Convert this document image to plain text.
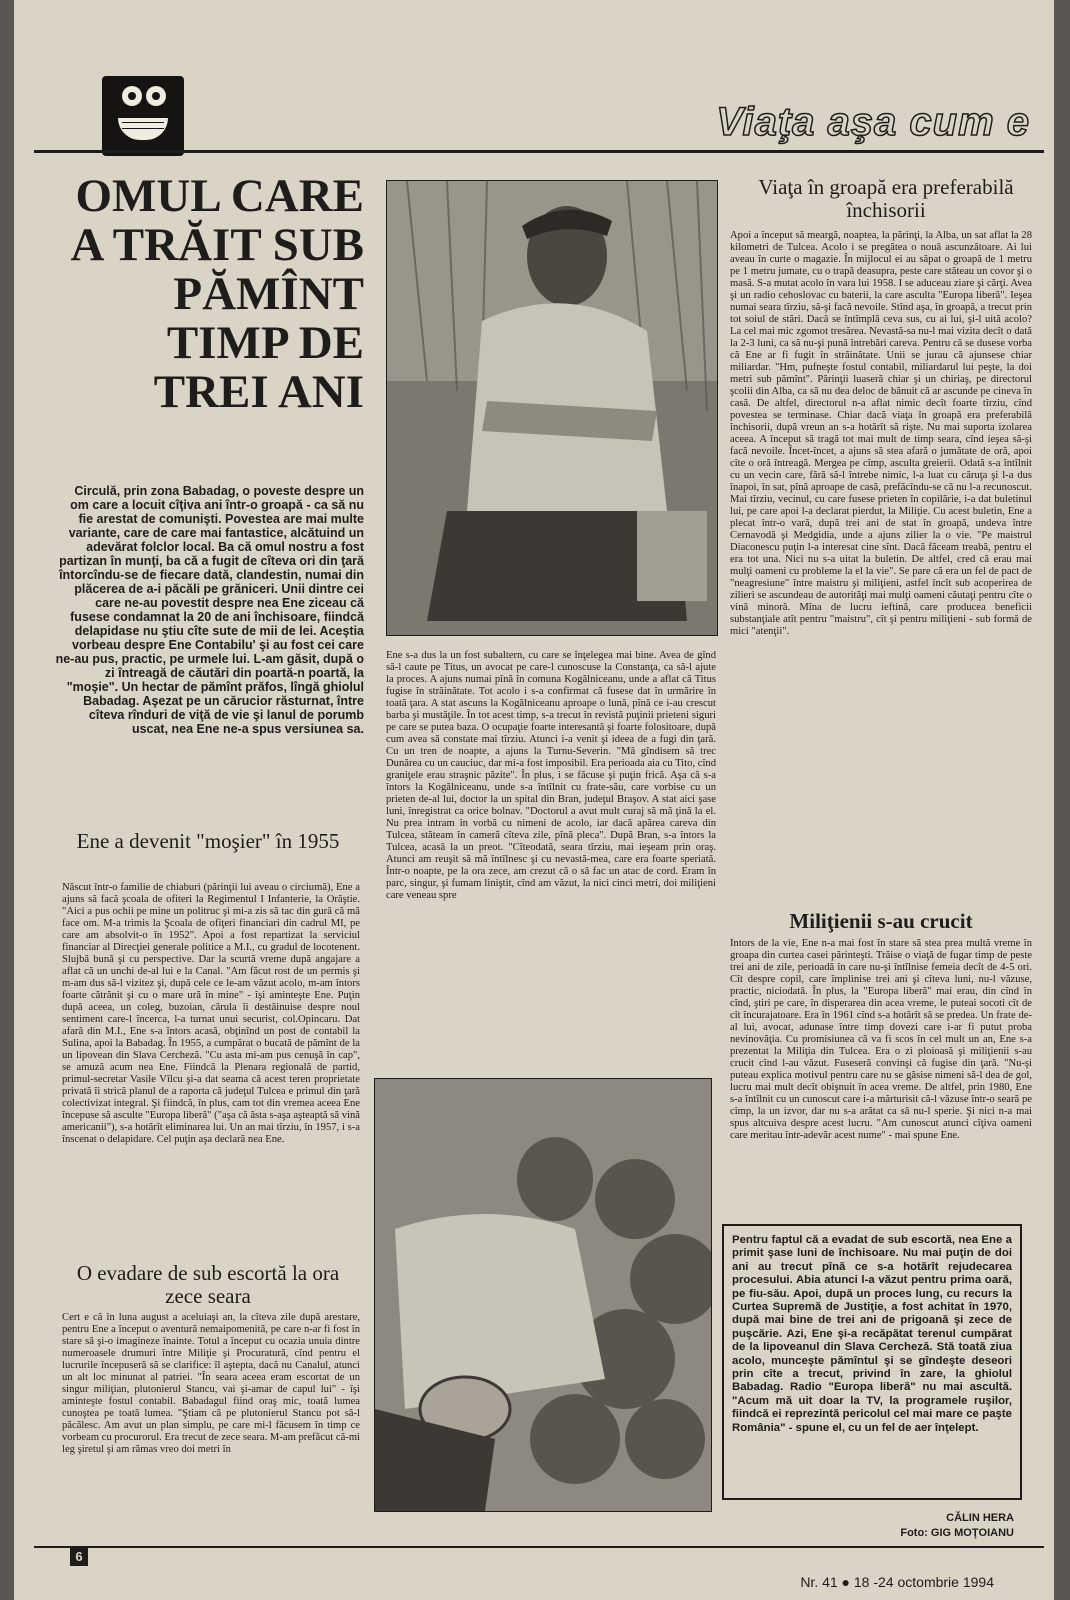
Viaţa aşa cum e
OMUL CARE A TRĂIT SUB PĂMÎNT TIMP DE TREI ANI

Circulă, prin zona Babadag, o poveste despre un om care a locuit cîţiva ani într-o groapă - ca să nu fie arestat de comunişti. Povestea are mai multe variante, care de care mai fantastice, alcătuind un adevărat folclor local. Ba că omul nostru a fost partizan în munţi, ba că a fugit de cîteva ori din ţară întorcîndu-se de fiecare dată, clandestin, numai din plăcerea de a-i păcăli pe grăniceri. Unii dintre cei care ne-au povestit despre nea Ene ziceau că fusese condamnat la 20 de ani închisoare, fiindcă delapidase nu ştiu cîte sute de mii de lei. Aceştia vorbeau despre Ene Contabilu' şi au fost cei care ne-au pus, practic, pe urmele lui. L-am găsit, după o zi întreagă de căutări din poartă-n poartă, la "moşie". Un hectar de pămînt prăfos, lîngă ghiolul Babadag. Aşezat pe un cărucior răsturnat, între cîteva rînduri de viţă de vie şi lanul de porumb uscat, nea Ene ne-a spus versiunea sa.

Ene a devenit "moşier" în 1955

Născut într-o familie de chiaburi (părinţii lui aveau o circiumă), Ene a ajuns să facă şcoala de ofiteri la Regimentul I Infanterie, la Orăştie. "Aici a pus ochii pe mine un politruc şi mi-a zis să tac din gură că mă face om. M-a trimis la Şcoala de ofiţeri financiari din cadrul MI, pe care am absolvit-o în 1952". Apoi a fost repartizat la serviciul financiar al Direcţiei generale politice a M.I., cu gradul de locotenent. Slujbă bună şi cu perspective. Dar la scurtă vreme după angajare a aflat că un unchi de-al lui e la Canal. "Am făcut rost de un permis şi m-am dus să-l vizitez şi, după cele ce le-am văzut acolo, m-am întors foarte cătrănit şi cu o mare ură în mine" - îşi aminteşte Ene. Puţin după aceea, un coleg, buzoian, cărula îi destăinuise despre noul sentiment care-l încerca, l-a turnat unui securist, col.Opincaru. Dat afară din M.I., Ene s-a întors acasă, obţinînd un post de contabil la Sulina, apoi la Babadag. În 1955, a cumpărat o bucată de pămînt de la un lipovean din Slava Cercheză. "Cu asta mi-am pus cenuşă în cap", se amuză acum nea Ene. Fiindcă la Plenara regională de partid, primul-secretar Vasile Vîlcu şi-a dat seama că acest teren proprietate privată îi strică planul de a raporta că judeţul Tulcea e primul din ţară colectivizat integral. Şi fiindcă, în plus, cam tot din vremea aceea Ene începuse să asculte "Europa liberă" ("aşa că ăsta s-aşa aşteaptă să vină americanii"), s-a hotărît eliminarea lui. Un an mai tîrziu, în 1957, i s-a înscenat o delapidare. Cel puţin aşa declară nea Ene.

O evadare de sub escortă la ora zece seara

Cert e că în luna august a aceluiaşi an, la cîteva zile după arestare, pentru Ene a început o aventură nemaipomenită, pe care n-ar fi fost în stare să şi-o imagineze înainte. Totul a început cu ocazia unuia dintre numeroasele drumuri între Miliţie şi Procuratură, cînd pentru el lucrurile începuseră să se clarifice: îl aştepta, dacă nu Canalul, atunci un alt loc minunat al patriei. "În seara aceea eram escortat de un singur miliţian, plutonierul Stancu, vai şi-amar de capul lui" - îşi aminteşte fostul contabil. Babadagul fiind oraş mic, toată lumea cunoştea pe toată lumea. "Ştiam că pe plutonierul Stancu pot să-l păcălesc. Am avut un plan simplu, pe care mi-l făcusem în timp ce vorbeam cu procurorul. Era trecut de zece seara. M-am prefăcut că-mi leg şiretul şi am rămas vreo doi metri în

Ene s-a dus la un fost subaltern, cu care se înţelegea mai bine. Avea de gînd să-l caute pe Titus, un avocat pe care-l cunoscuse la Constanţa, ca să-l ajute la proces. A ajuns numai pînă în comuna Kogălniceanu, unde a aflat că Titus fugise în străinătate. Tot acolo i s-a confirmat că fusese dat în urmărire în toată ţara. A stat ascuns la Kogălniceanu aproape o lună, pînă ce i-au crescut barba şi mustăţile. În tot acest timp, s-a trecut în revistă puţinii prieteni siguri pe care se putea baza. O ocupaţie foarte interesantă şi foarte folositoare, după cum avea să constate mai tîrziu. Atunci i-a venit şi ideea de a fugi din ţară. Cu un tren de noapte, a ajuns la Turnu-Severin. "Mă gîndisem să trec Dunărea cu un cauciuc, dar mi-a fost imposibil. Era perioada aia cu Tito, cînd graniţele erau straşnic păzite". În plus, i se făcuse şi puţin frică. Aşa că s-a întors la Kogălniceanu, unde s-a întîlnit cu frate-său, care vorbise cu un prieten de-al lui, doctor la un spital din Bran, judeţul Braşov. A stat aici şase luni, înregistrat ca orice bolnav. "Doctorul a avut mult curaj să mă ţină la el. Nu prea intram în vorbă cu nimeni de acolo, iar dacă apărea careva din Tulcea, stăteam în cameră cîteva zile, pînă pleca". După Bran, s-a întors la Tulcea, acasă la un preot. "Cîteodată, seara tîrziu, mai ieşeam prin oraş. Atunci am reuşit să mă întîlnesc şi cu nevastă-mea, care era foarte speriată. Într-o noapte, pe la ora zece, am crezut că o să fac un atac de cord. Eram în parc, singur, şi fumam liniştit, cînd am văzut, la nici cinci metri, doi miliţieni care veneau spre

Viaţa în groapă era preferabilă închisorii

Apoi a început să meargă, noaptea, la părinţi, la Alba, un sat aflat la 28 kilometri de Tulcea. Acolo i se pregătea o nouă ascunzătoare. Ai lui aveau în curte o magazie. În mijlocul ei au săpat o groapă de 1 metru pe 1 metru jumate, cu o trapă deasupra, peste care stăteau un covor şi o masă. S-a mutat acolo în vara lui 1958. I se aduceau ziare şi cărţi. Avea şi un radio cehoslovac cu baterii, la care asculta "Europa liberă". Ieşea numai seara tîrziu, să-şi facă nevoile. Stînd aşa, în groapă, a trecut prin tot soiul de stări. Dacă se întîmplă ceva sus, cu ai lui, şi-l uită acolo? La cel mai mic zgomot tresărea. Nevastă-sa nu-l mai vizita decît o dată la 2-3 luni, ca să nu-şi pună întrebări careva. Pentru că se dusese vorba că Ene ar fi fugit în străinătate. Unii se jurau că ajunsese chiar miliardar. "Hm, pufneşte fostul contabil, miliardarul lui peşte, la doi metri sub pămînt". Părinţii luaseră chiar şi un chiriaş, pe directorul şcolii din Alba, ca să nu dea deloc de bănuit că ar ascunde pe cineva în casă. De altfel, directorul n-a aflat nimic decît foarte tîrziu, cînd povestea se terminase. Chiar dacă viaţa în groapă era preferabilă închisorii, după vreun an s-a hotărît să rişte. Nu mai suporta izolarea aceea. A început să tragă tot mai mult de timp seara, cînd ieşea să-şi facă nevoile. Încet-încet, a ajuns să stea afară o jumătate de oră, apoi cîte o oră întreagă. Mergea pe cîmp, asculta greierii. Odată s-a întîlnit cu un vecin care, fără să-l întrebe nimic, l-a luat cu căruţa şi l-a dus înapoi, în sat, pînă aproape de casă, prefăcîndu-se că nu l-a recunoscut. Mai tîrziu, vecinul, cu care fusese prieten în copilărie, i-a dat buletinul lui, pe care apoi l-a declarat pierdut, la Miliţie. Cu acest buletin, Ene a plecat într-o vară, după trei ani de stat în groapă, undeva între Cernavodă şi Medgidia, unde a ajuns zilier la o vie. "Pe maistrul Diaconescu puţin l-a interesat cine sînt. Dacă făceam treabă, pentru el era tot una. Nici nu s-a uitat la buletin. De altfel, cred că erau mai mulţi oameni cu probleme la el la vie". Se pare că era un fel de pact de "neagresiune" între maistru şi miliţieni, astfel încît sub acoperirea de zilieri se ascundeau de autorităţi mai mulţi oameni căutaţi pentru cîte o vină minoră. Mîna de lucru ieftină, care producea beneficii substanţiale atît pentru "maistru", cît şi pentru miliţieni - sub formă de mici "atenţii".

Miliţienii s-au crucit

Întors de la vie, Ene n-a mai fost în stare să stea prea multă vreme în groapa din curtea casei părinteşti. Trăise o viaţă de fugar timp de peste trei ani de zile, perioadă în care nu-şi întîlnise femeia decît de 4-5 ori. Cît despre copil, care împlinise trei ani şi cîteva luni, nu-l văzuse, practic, niciodată. În plus, la "Europa liberă" mai erau, din cînd în cînd, ştiri pe care, în disperarea din acea vreme, le puteai socoti cît de cît încurajatoare. Era în 1961 cînd s-a hotărît să se predea. Un frate de-al lui, avocat, adunase între timp dovezi care i-ar fi putut proba nevinovăţia. Cu promisiunea că va fi scos în cel mult un an, Ene s-a prezentat la Miliţia din Tulcea. Era o zi ploioasă şi miliţienii s-au crucit cînd l-au văzut. Fuseseră convinşi că fugise din ţară. "Nu-şi puteau explica motivul pentru care nu se găsise nimeni să-l dea de gol, lucru mai mult decît obişnuit în acea vreme. De altfel, prin 1980, Ene s-a întîlnit cu un cunoscut care i-a mărturisit că-l văzuse într-o seară pe cîmp, la un izvor, dar nu s-a arătat ca să nu-l sperie. Şi nici n-a mai spus altcuiva despre acest lucru. "Am cunoscut atunci cîţiva oameni care meritau într-adevăr acest nume" - mai spune Ene.

Pentru faptul că a evadat de sub escortă, nea Ene a primit şase luni de închisoare. Nu mai puţin de doi ani au trecut pînă ce s-a hotărît rejudecarea procesului. Abia atunci l-a văzut pentru prima oară, pe fiu-său. Apoi, după un proces lung, cu recurs la Curtea Supremă de Justiţie, a fost achitat în 1970, după mai bine de trei ani de prigoană şi zece de puşcărie. Azi, Ene şi-a recăpătat terenul cumpărat de la lipoveanul din Slava Cercheză. Stă toată ziua acolo, munceşte pămîntul şi se gîndeşte deseori prin cîte a trecut, privind în zare, la ghiolul Babadag. Radio "Europa liberă" nu mai ascultă. "Acum mă uit doar la TV, la programele ruşilor, fiindcă ei reprezintă pericolul cel mai mare ce paşte România" - spune el, cu un fel de aer înţelept.

CĂLIN HERA
Foto: GIG MOŢOIANU
6
Nr. 41 ● 18 -24 octombrie 1994
